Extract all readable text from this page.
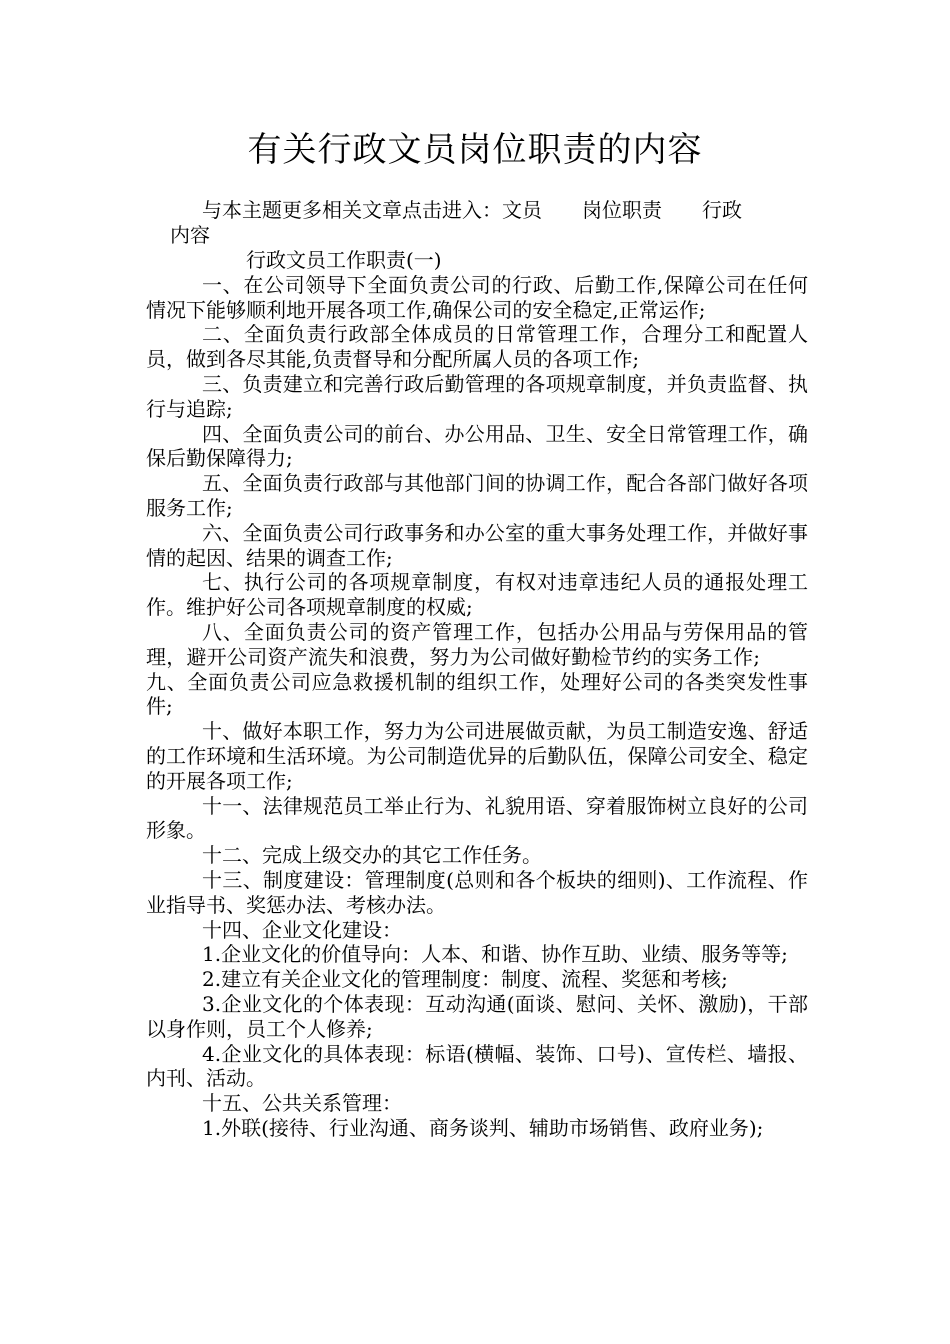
有关行政文员岗位职责的内容
与本主题更多相关文章点击进入：文员 岗位职责 行政
内容

行政文员工作职责(一)

一、在公司领导下全面负责公司的行政、后勤工作,保障公司在任何情况下能够顺利地开展各项工作,确保公司的安全稳定,正常运作;

二、全面负责行政部全体成员的日常管理工作，合理分工和配置人员，做到各尽其能,负责督导和分配所属人员的各项工作;

三、负责建立和完善行政后勤管理的各项规章制度，并负责监督、执行与追踪;

四、全面负责公司的前台、办公用品、卫生、安全日常管理工作，确保后勤保障得力;

五、全面负责行政部与其他部门间的协调工作，配合各部门做好各项服务工作;

六、全面负责公司行政事务和办公室的重大事务处理工作，并做好事情的起因、结果的调查工作;

七、执行公司的各项规章制度，有权对违章违纪人员的通报处理工作。维护好公司各项规章制度的权威;

八、全面负责公司的资产管理工作，包括办公用品与劳保用品的管理，避开公司资产流失和浪费，努力为公司做好勤检节约的实务工作;九、全面负责公司应急救援机制的组织工作，处理好公司的各类突发性事件;

十、做好本职工作，努力为公司进展做贡献，为员工制造安逸、舒适的工作环境和生活环境。为公司制造优异的后勤队伍，保障公司安全、稳定的开展各项工作;

十一、法律规范员工举止行为、礼貌用语、穿着服饰树立良好的公司形象。

十二、完成上级交办的其它工作任务。

十三、制度建设：管理制度(总则和各个板块的细则)、工作流程、作业指导书、奖惩办法、考核办法。

十四、企业文化建设：

1.企业文化的价值导向：人本、和谐、协作互助、业绩、服务等等;

2.建立有关企业文化的管理制度：制度、流程、奖惩和考核;

3.企业文化的个体表现：互动沟通(面谈、慰问、关怀、激励)，干部以身作则，员工个人修养;

4.企业文化的具体表现：标语(横幅、装饰、口号)、宣传栏、墙报、内刊、活动。

十五、公共关系管理：

1.外联(接待、行业沟通、商务谈判、辅助市场销售、政府业务);
